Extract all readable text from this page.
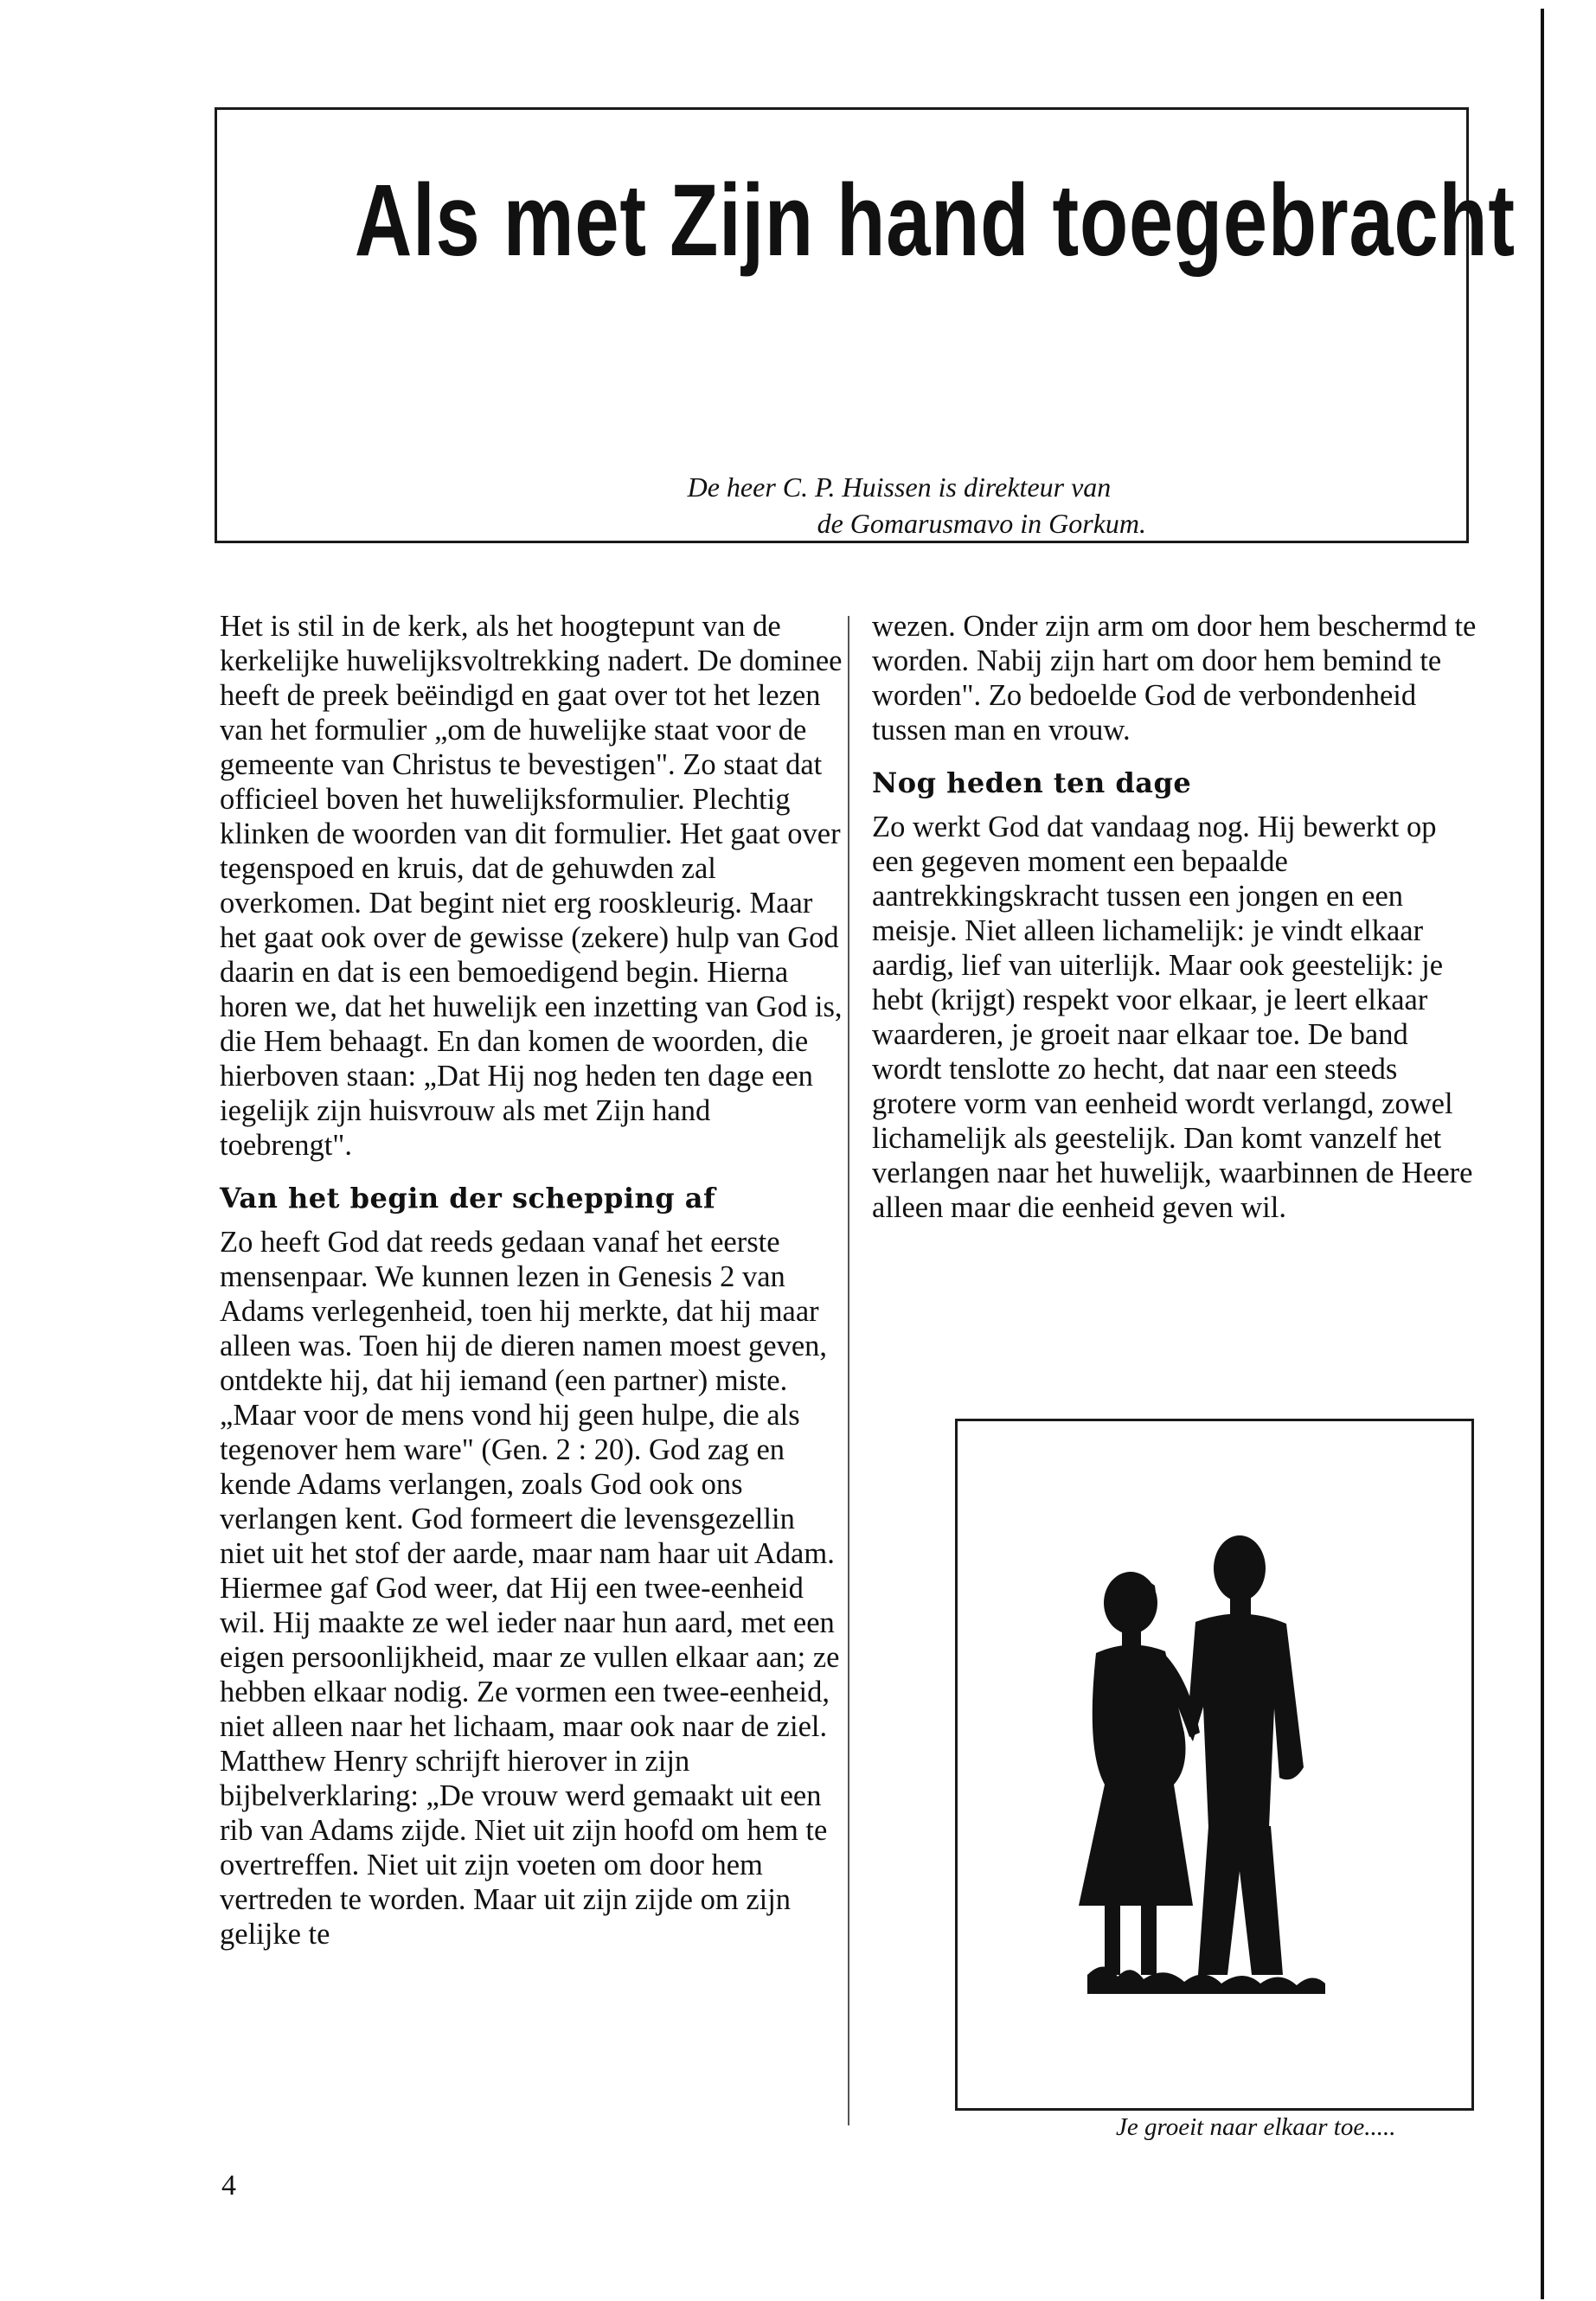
Als met Zijn hand toegebracht
De heer C. P. Huissen is direkteur van
de Gomarusmavo in Gorkum.

Het is stil in de kerk, als het hoogtepunt van de kerkelijke huwelijksvoltrekking nadert. De dominee heeft de preek beëindigd en gaat over tot het lezen van het formulier „om de huwelijke staat voor de gemeente van Christus te bevestigen". Zo staat dat officieel boven het huwelijksformulier. Plechtig klinken de woorden van dit formulier. Het gaat over tegenspoed en kruis, dat de gehuwden zal overkomen. Dat begint niet erg rooskleurig. Maar het gaat ook over de gewisse (zekere) hulp van God daarin en dat is een bemoedigend begin. Hierna horen we, dat het huwelijk een inzetting van God is, die Hem behaagt. En dan komen de woorden, die hierboven staan: „Dat Hij nog heden ten dage een iegelijk zijn huisvrouw als met Zijn hand toebrengt".

Van het begin der schepping af

Zo heeft God dat reeds gedaan vanaf het eerste mensenpaar. We kunnen lezen in Genesis 2 van Adams verlegenheid, toen hij merkte, dat hij maar alleen was. Toen hij de dieren namen moest geven, ontdekte hij, dat hij iemand (een partner) miste. „Maar voor de mens vond hij geen hulpe, die als tegenover hem ware" (Gen. 2 : 20). God zag en kende Adams verlangen, zoals God ook ons verlangen kent. God formeert die levensgezellin niet uit het stof der aarde, maar nam haar uit Adam. Hiermee gaf God weer, dat Hij een twee-eenheid wil. Hij maakte ze wel ieder naar hun aard, met een eigen persoonlijkheid, maar ze vullen elkaar aan; ze hebben elkaar nodig. Ze vormen een twee-eenheid, niet alleen naar het lichaam, maar ook naar de ziel. Matthew Henry schrijft hierover in zijn bijbelverklaring: „De vrouw werd gemaakt uit een rib van Adams zijde. Niet uit zijn hoofd om hem te overtreffen. Niet uit zijn voeten om door hem vertreden te worden. Maar uit zijn zijde om zijn gelijke te

wezen. Onder zijn arm om door hem beschermd te worden. Nabij zijn hart om door hem bemind te worden". Zo bedoelde God de verbondenheid tussen man en vrouw.

Nog heden ten dage

Zo werkt God dat vandaag nog. Hij bewerkt op een gegeven moment een bepaalde aantrekkingskracht tussen een jongen en een meisje. Niet alleen lichamelijk: je vindt elkaar aardig, lief van uiterlijk. Maar ook geestelijk: je hebt (krijgt) respekt voor elkaar, je leert elkaar waarderen, je groeit naar elkaar toe. De band wordt tenslotte zo hecht, dat naar een steeds grotere vorm van eenheid wordt verlangd, zowel lichamelijk als geestelijk. Dan komt vanzelf het verlangen naar het huwelijk, waarbinnen de Heere alleen maar die eenheid geven wil.

Je groeit naar elkaar toe.....
4
